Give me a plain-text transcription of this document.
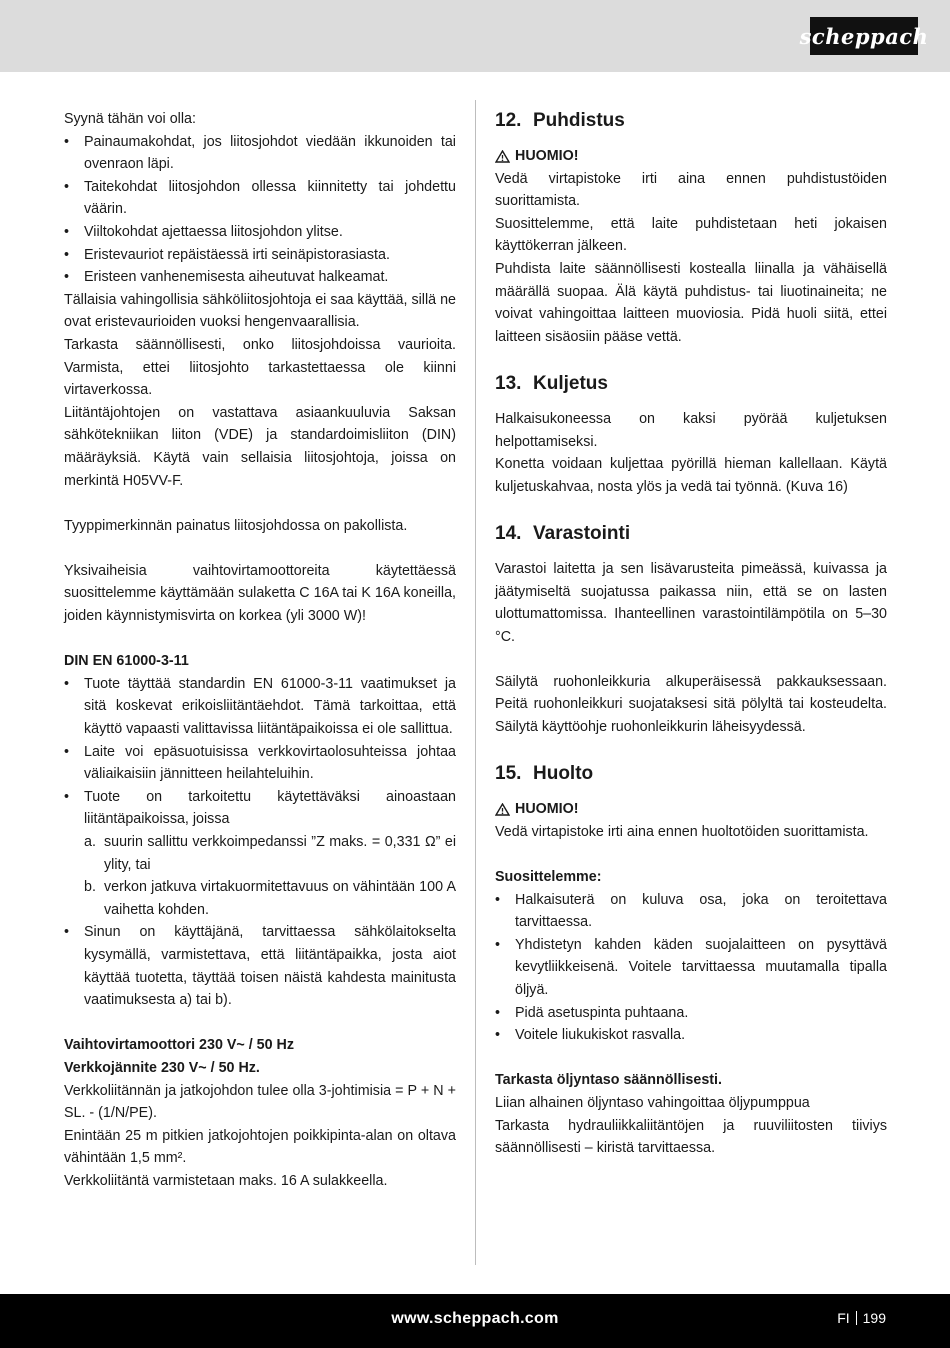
scheppach

Syynä tähän voi olla:

• Painaumakohdat, jos liitosjohdot viedään ikkunoiden tai ovenraon läpi.
• Taitekohdat liitosjohdon ollessa kiinnitetty tai johdettu väärin.
• Viiltokohdat ajettaessa liitosjohdon ylitse.
• Eristevauriot repäistäessä irti seinäpistorasiasta.
• Eristeen vanhenemisesta aiheutuvat halkeamat.

Tällaisia vahingollisia sähköliitosjohtoja ei saa käyttää, sillä ne ovat eristevaurioiden vuoksi hengenvaarallisia.

Tarkasta säännöllisesti, onko liitosjohdoissa vaurioita. Varmista, ettei liitosjohto tarkastettaessa ole kiinni virtaverkossa.

Liitäntäjohtojen on vastattava asiaankuuluvia Saksan sähkötekniikan liiton (VDE) ja standardoimisliiton (DIN) määräyksiä. Käytä vain sellaisia liitosjohtoja, joissa on merkintä H05VV-F.

Tyyppimerkinnän painatus liitosjohdossa on pakollista.

Yksivaiheisia vaihtovirtamoottoreita käytettäessä suosittelemme käyttämään sulaketta C 16A tai K 16A koneilla, joiden käynnistymisvirta on korkea (yli 3000 W)!

DIN EN 61000-3-11

• Tuote täyttää standardin EN 61000-3-11 vaatimukset ja sitä koskevat erikoisliitäntäehdot. Tämä tarkoittaa, että käyttö vapaasti valittavissa liitäntäpaikoissa ei ole sallittua.
• Laite voi epäsuotuisissa verkkovirtaolosuhteissa johtaa väliaikaisiin jännitteen heilahteluihin.
• Tuote on tarkoitettu käytettäväksi ainoastaan liitäntäpaikoissa, joissa
a. suurin sallittu verkkoimpedanssi ”Z maks. = 0,331 Ω” ei ylity, tai
b. verkon jatkuva virtakuormitettavuus on vähintään 100 A vaihetta kohden.
• Sinun on käyttäjänä, tarvittaessa sähkölaitokselta kysymällä, varmistettava, että liitäntäpaikka, josta aiot käyttää tuotetta, täyttää toisen näistä kahdesta mainitusta vaatimuksesta a) tai b).

Vaihtovirtamoottori 230 V~ / 50 Hz

Verkkojännite 230 V~ / 50 Hz.

Verkkoliitännän ja jatkojohdon tulee olla 3-johtimisia = P + N + SL. - (1/N/PE).

Enintään 25 m pitkien jatkojohtojen poikkipinta-alan on oltava vähintään 1,5 mm².

Verkkoliitäntä varmistetaan maks. 16 A sulakkeella.

12. Puhdistus
HUOMIO!

Vedä virtapistoke irti aina ennen puhdistustöiden suorittamista.

Suosittelemme, että laite puhdistetaan heti jokaisen käyttökerran jälkeen.

Puhdista laite säännöllisesti kostealla liinalla ja vähäisellä määrällä suopaa. Älä käytä puhdistus- tai liuotinaineita; ne voivat vahingoittaa laitteen muoviosia. Pidä huoli siitä, ettei laitteen sisäosiin pääse vettä.

13. Kuljetus

Halkaisukoneessa on kaksi pyörää kuljetuksen helpottamiseksi.

Konetta voidaan kuljettaa pyörillä hieman kallellaan. Käytä kuljetuskahvaa, nosta ylös ja vedä tai työnnä. (Kuva 16)

14. Varastointi

Varastoi laitetta ja sen lisävarusteita pimeässä, kuivassa ja jäätymiseltä suojatussa paikassa niin, että se on lasten ulottumattomissa. Ihanteellinen varastointilämpötila on 5–30 °C.

Säilytä ruohonleikkuria alkuperäisessä pakkauksessaan. Peitä ruohonleikkuri suojataksesi sitä pölyltä tai kosteudelta. Säilytä käyttöohje ruohonleikkurin läheisyydessä.

15. Huolto
HUOMIO!

Vedä virtapistoke irti aina ennen huoltotöiden suorittamista.

Suosittelemme:

• Halkaisuterä on kuluva osa, joka on teroitettava tarvittaessa.
• Yhdistetyn kahden käden suojalaitteen on pysyttävä kevytliikkeisenä. Voitele tarvittaessa muutamalla tipalla öljyä.
• Pidä asetuspinta puhtaana.
• Voitele liukukiskot rasvalla.

Tarkasta öljyntaso säännöllisesti.

Liian alhainen öljyntaso vahingoittaa öljypumppua

Tarkasta hydrauliikkaliitäntöjen ja ruuviliitosten tiiviys säännöllisesti – kiristä tarvittaessa.

www.scheppach.com	FI 199
